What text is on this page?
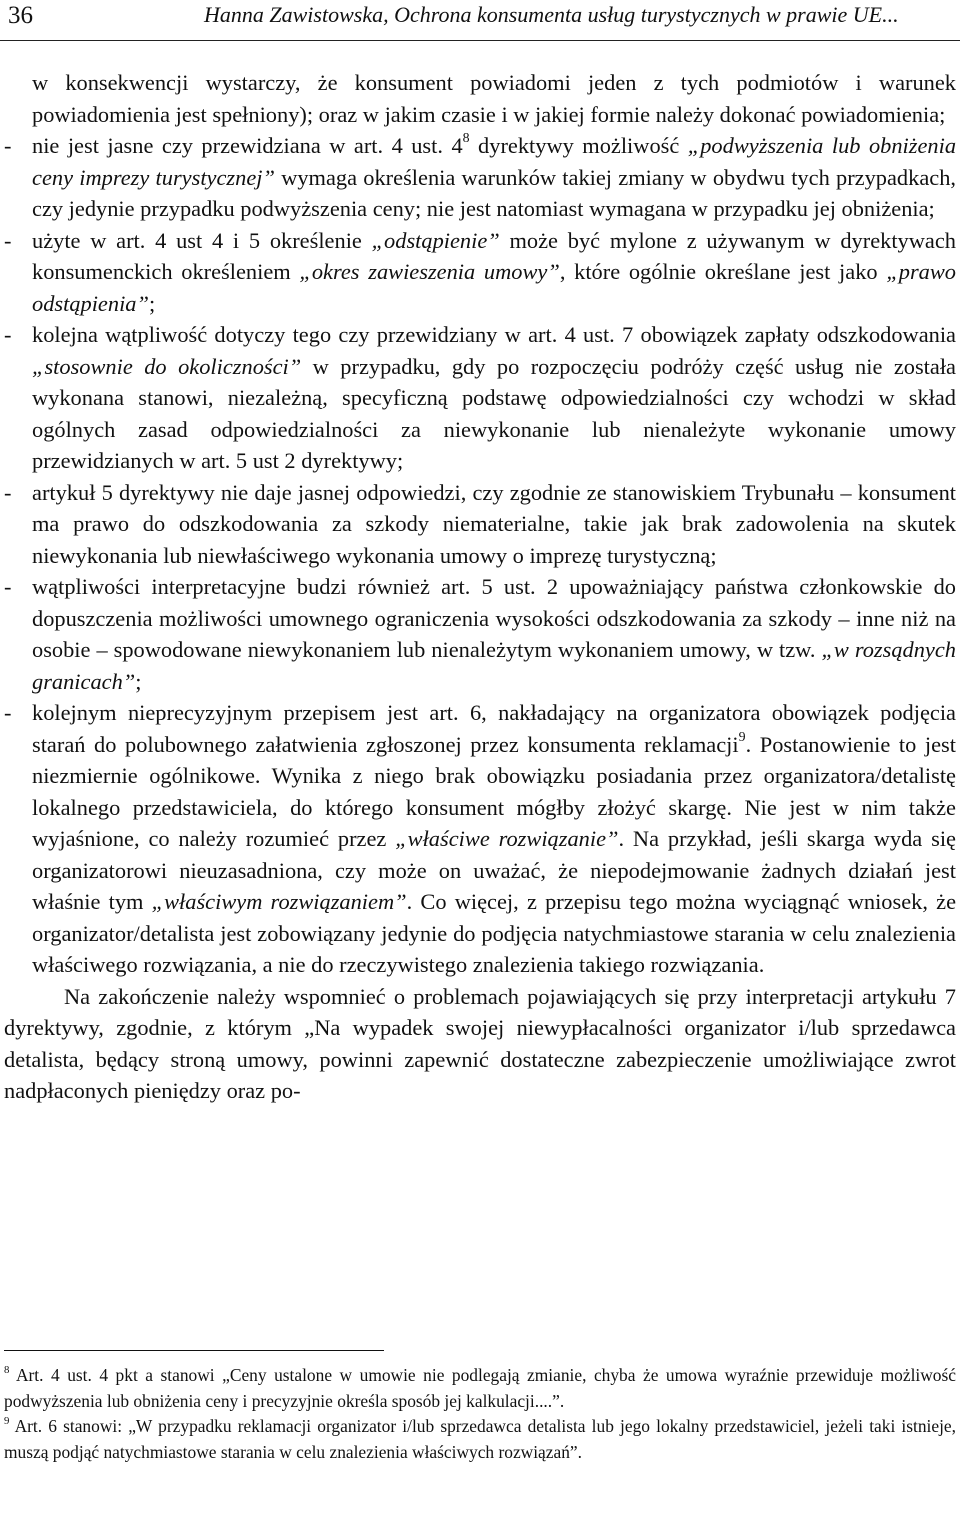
36	Hanna Zawistowska, Ochrona konsumenta usług turystycznych w prawie UE...

w konsekwencji wystarczy, że konsument powiadomi jeden z tych podmiotów i warunek powiadomienia jest spełniony); oraz w jakim czasie i w jakiej formie należy dokonać powiadomienia;

- nie jest jasne czy przewidziana w art. 4 ust. $4^8$ dyrektywy możliwość „podwyższenia lub obniżenia ceny imprezy turystycznej” wymaga określenia warunków takiej zmiany w obydwu tych przypadkach, czy jedynie przypadku podwyższenia ceny; nie jest natomiast wymagana w przypadku jej obniżenia;
- użyte w art. 4 ust 4 i 5 określenie „odstąpienie” może być mylone z używanym w dyrektywach konsumenckich określeniem „okres zawieszenia umowy”, które ogólnie określane jest jako „prawo odstąpienia”;
- kolejna wątpliwość dotyczy tego czy przewidziany w art. 4 ust. 7 obowiązek zapłaty odszkodowania „stosownie do okoliczności” w przypadku, gdy po rozpoczęciu podróży część usług nie została wykonana stanowi, niezależną, specyficzną podstawę odpowiedzialności czy wchodzi w skład ogólnych zasad odpowiedzialności za niewykonanie lub nienależyte wykonanie umowy przewidzianych w art. 5 ust 2 dyrektywy;
- artykuł 5 dyrektywy nie daje jasnej odpowiedzi, czy zgodnie ze stanowiskiem Trybunału – konsument ma prawo do odszkodowania za szkody niematerialne, takie jak brak zadowolenia na skutek niewykonania lub niewłaściwego wykonania umowy o imprezę turystyczną;
- wątpliwości interpretacyjne budzi również art. 5 ust. 2 upoważniający państwa członkowskie do dopuszczenia możliwości umownego ograniczenia wysokości odszkodowania za szkody – inne niż na osobie – spowodowane niewykonaniem lub nienależytym wykonaniem umowy, w tzw. „w rozsądnych granicach”;
- kolejnym nieprecyzyjnym przepisem jest art. 6, nakładający na organizatora obowiązek podjęcia starań do polubownego załatwienia zgłoszonej przez konsumenta reklamacji$^9$. Postanowienie to jest niezmiernie ogólnikowe. Wynika z niego brak obowiązku posiadania przez organizatora/detalistę lokalnego przedstawiciela, do którego konsument mógłby złożyć skargę. Nie jest w nim także wyjaśnione, co należy rozumieć przez „właściwe rozwiązanie”. Na przykład, jeśli skarga wyda się organizatorowi nieuzasadniona, czy może on uważać, że niepodejmowanie żadnych działań jest właśnie tym „właściwym rozwiązaniem”. Co więcej, z przepisu tego można wyciągnąć wniosek, że organizator/detalista jest zobowiązany jedynie do podjęcia natychmiastowe starania w celu znalezienia właściwego rozwiązania, a nie do rzeczywistego znalezienia takiego rozwiązania.

Na zakończenie należy wspomnieć o problemach pojawiających się przy interpretacji artykułu 7 dyrektywy, zgodnie, z którym „Na wypadek swojej niewypłacalności organizator i/lub sprzedawca detalista, będący stroną umowy, powinni zapewnić dostateczne zabezpieczenie umożliwiające zwrot nadpłaconych pieniędzy oraz po-

$^8$ Art. 4 ust. 4 pkt a stanowi „Ceny ustalone w umowie nie podlegają zmianie, chyba że umowa wyraźnie przewiduje możliwość podwyższenia lub obniżenia ceny i precyzyjnie określa sposób jej kalkulacji....”.

$^9$ Art. 6 stanowi: „W przypadku reklamacji organizator i/lub sprzedawca detalista lub jego lokalny przedstawiciel, jeżeli taki istnieje, muszą podjąć natychmiastowe starania w celu znalezienia właściwych rozwiązań”.
